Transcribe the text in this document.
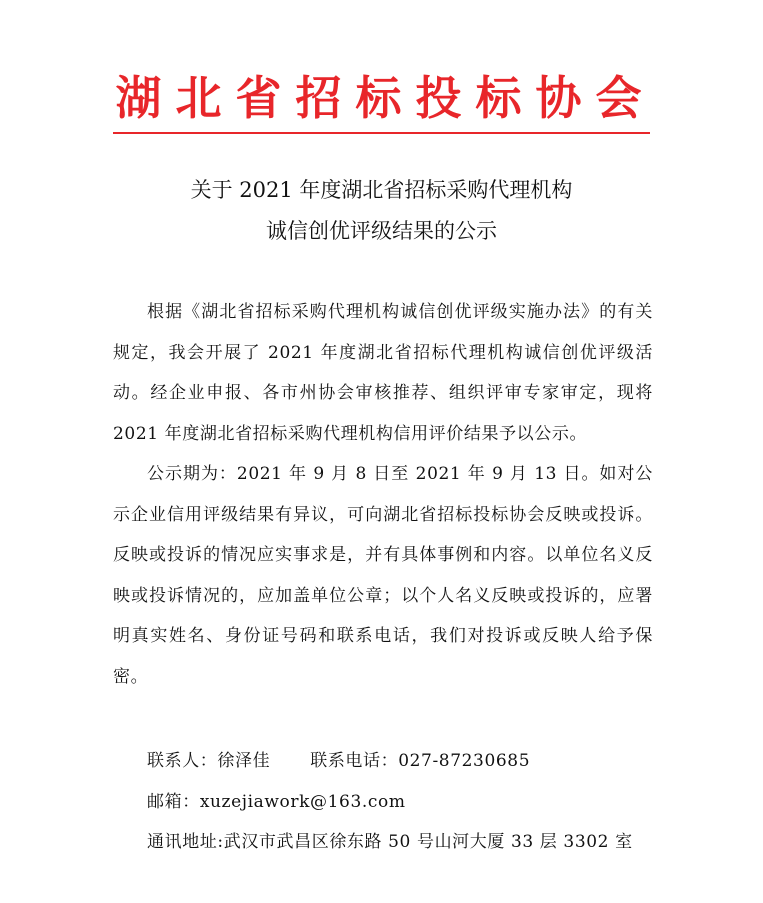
湖北省招标投标协会
关于 2021 年度湖北省招标采购代理机构
诚信创优评级结果的公示

根据《湖北省招标采购代理机构诚信创优评级实施办法》的有关规定，我会开展了 2021 年度湖北省招标代理机构诚信创优评级活动。经企业申报、各市州协会审核推荐、组织评审专家审定，现将 2021 年度湖北省招标采购代理机构信用评价结果予以公示。

公示期为：2021 年 9 月 8 日至 2021 年 9 月 13 日。如对公示企业信用评级结果有异议，可向湖北省招标投标协会反映或投诉。反映或投诉的情况应实事求是，并有具体事例和内容。以单位名义反映或投诉情况的，应加盖单位公章；以个人名义反映或投诉的，应署明真实姓名、身份证号码和联系电话，我们对投诉或反映人给予保密。

联系人：徐泽佳 联系电话：027-87230685
邮箱：xuzejiawork@163.com
通讯地址:武汉市武昌区徐东路 50 号山河大厦 33 层 3302 室
